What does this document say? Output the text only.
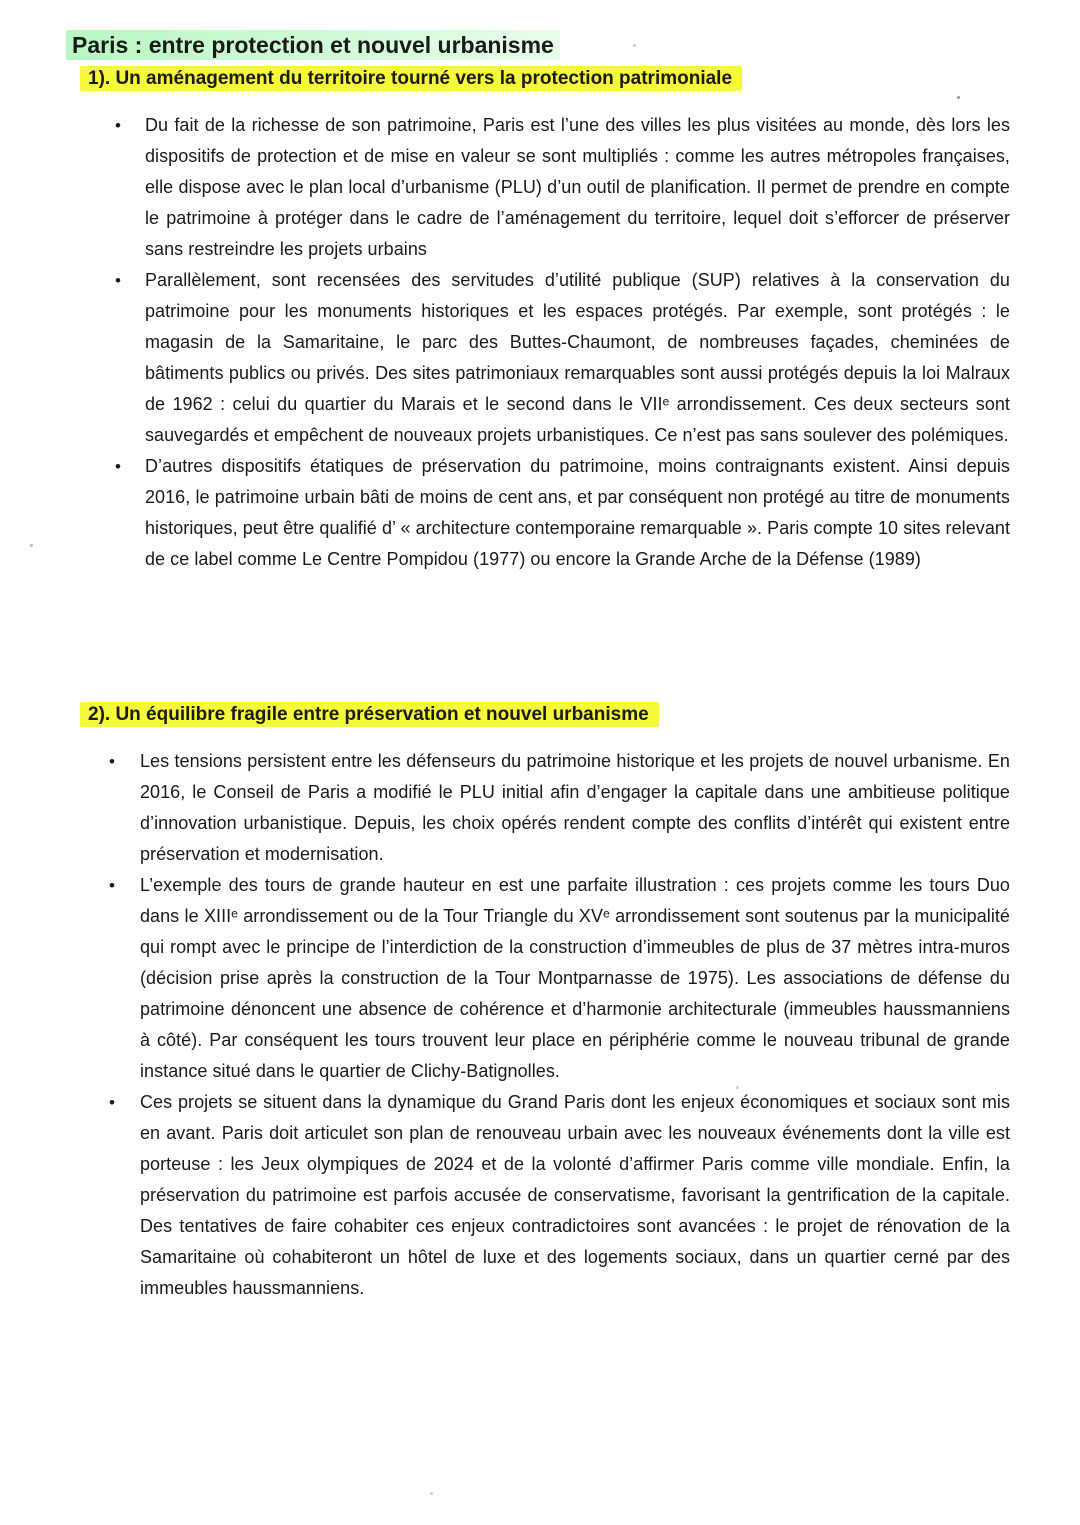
Paris : entre protection et nouvel urbanisme
1). Un aménagement du territoire tourné vers la protection patrimoniale
• Du fait de la richesse de son patrimoine, Paris est l’une des villes les plus visitées au monde, dès lors les dispositifs de protection et de mise en valeur se sont multipliés : comme les autres métropoles françaises, elle dispose avec le plan local d’urbanisme (PLU) d’un outil de planification. Il permet de prendre en compte le patrimoine à protéger dans le cadre de l’aménagement du territoire, lequel doit s’efforcer de préserver sans restreindre les projets urbains
• Parallèlement, sont recensées des servitudes d’utilité publique (SUP) relatives à la conservation du patrimoine pour les monuments historiques et les espaces protégés. Par exemple, sont protégés : le magasin de la Samaritaine, le parc des Buttes-Chaumont, de nombreuses façades, cheminées de bâtiments publics ou privés. Des sites patrimoniaux remarquables sont aussi protégés depuis la loi Malraux de 1962 : celui du quartier du Marais et le second dans le VIIᵉ arrondissement. Ces deux secteurs sont sauvegardés et empêchent de nouveaux projets urbanistiques. Ce n’est pas sans soulever des polémiques.
• D’autres dispositifs étatiques de préservation du patrimoine, moins contraignants existent. Ainsi depuis 2016, le patrimoine urbain bâti de moins de cent ans, et par conséquent non protégé au titre de monuments historiques, peut être qualifié d’ « architecture contemporaine remarquable ». Paris compte 10 sites relevant de ce label comme Le Centre Pompidou (1977) ou encore la Grande Arche de la Défense (1989)
2). Un équilibre fragile entre préservation et nouvel urbanisme
• Les tensions persistent entre les défenseurs du patrimoine historique et les projets de nouvel urbanisme. En 2016, le Conseil de Paris a modifié le PLU initial afin d’engager la capitale dans une ambitieuse politique d’innovation urbanistique. Depuis, les choix opérés rendent compte des conflits d’intérêt qui existent entre préservation et modernisation.
• L’exemple des tours de grande hauteur en est une parfaite illustration : ces projets comme les tours Duo dans le XIIIᵉ arrondissement ou de la Tour Triangle du XVᵉ arrondissement sont soutenus par la municipalité qui rompt avec le principe de l’interdiction de la construction d’immeubles de plus de 37 mètres intra-muros (décision prise après la construction de la Tour Montparnasse de 1975). Les associations de défense du patrimoine dénoncent une absence de cohérence et d’harmonie architecturale (immeubles haussmanniens à côté). Par conséquent les tours trouvent leur place en périphérie comme le nouveau tribunal de grande instance situé dans le quartier de Clichy-Batignolles.
• Ces projets se situent dans la dynamique du Grand Paris dont les enjeux économiques et sociaux sont mis en avant. Paris doit articulet son plan de renouveau urbain avec les nouveaux événements dont la ville est porteuse : les Jeux olympiques de 2024 et de la volonté d’affirmer Paris comme ville mondiale. Enfin, la préservation du patrimoine est parfois accusée de conservatisme, favorisant la gentrification de la capitale. Des tentatives de faire cohabiter ces enjeux contradictoires sont avancées : le projet de rénovation de la Samaritaine où cohabiteront un hôtel de luxe et des logements sociaux, dans un quartier cerné par des immeubles haussmanniens.
